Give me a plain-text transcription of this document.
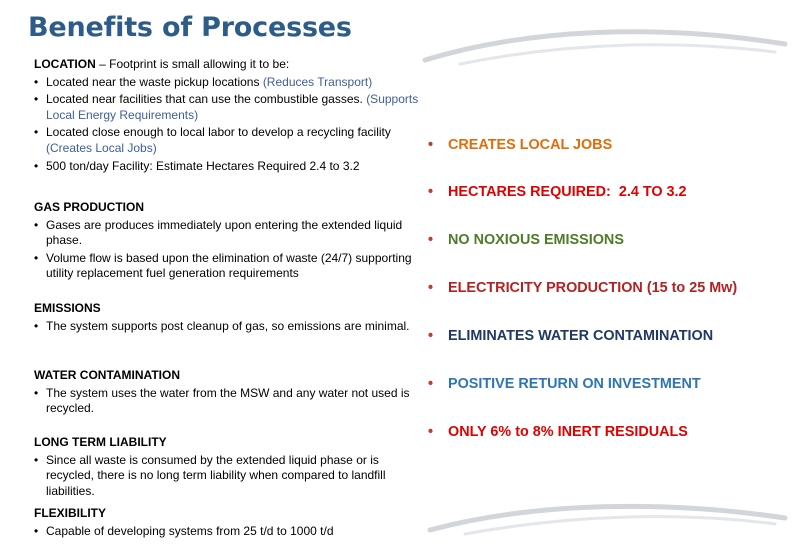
Benefits of Processes
LOCATION – Footprint is small allowing it to be:
• Located near the waste pickup locations (Reduces Transport)
• Located near facilities that can use the combustible gasses. (Supports Local Energy Requirements)
• Located close enough to local labor to develop a recycling facility (Creates Local Jobs)
• 500 ton/day Facility: Estimate Hectares Required 2.4 to 3.2
GAS PRODUCTION
• Gases are produces immediately upon entering the extended liquid phase.
• Volume flow is based upon the elimination of waste (24/7) supporting utility replacement fuel generation requirements
EMISSIONS
• The system supports post cleanup of gas, so emissions are minimal.
WATER CONTAMINATION
• The system uses the water from the MSW and any water not used is recycled.
LONG TERM LIABILITY
• Since all waste is consumed by the extended liquid phase or is recycled, there is no long term liability when compared to landfill liabilities.
FLEXIBILITY
• Capable of developing systems from 25 t/d to 1000 t/d
• CREATES LOCAL JOBS
• HECTARES REQUIRED:  2.4 TO 3.2
• NO NOXIOUS EMISSIONS
• ELECTRICITY PRODUCTION (15 to 25 Mw)
• ELIMINATES WATER CONTAMINATION
• POSITIVE RETURN ON INVESTMENT
• ONLY 6% to 8% INERT RESIDUALS
